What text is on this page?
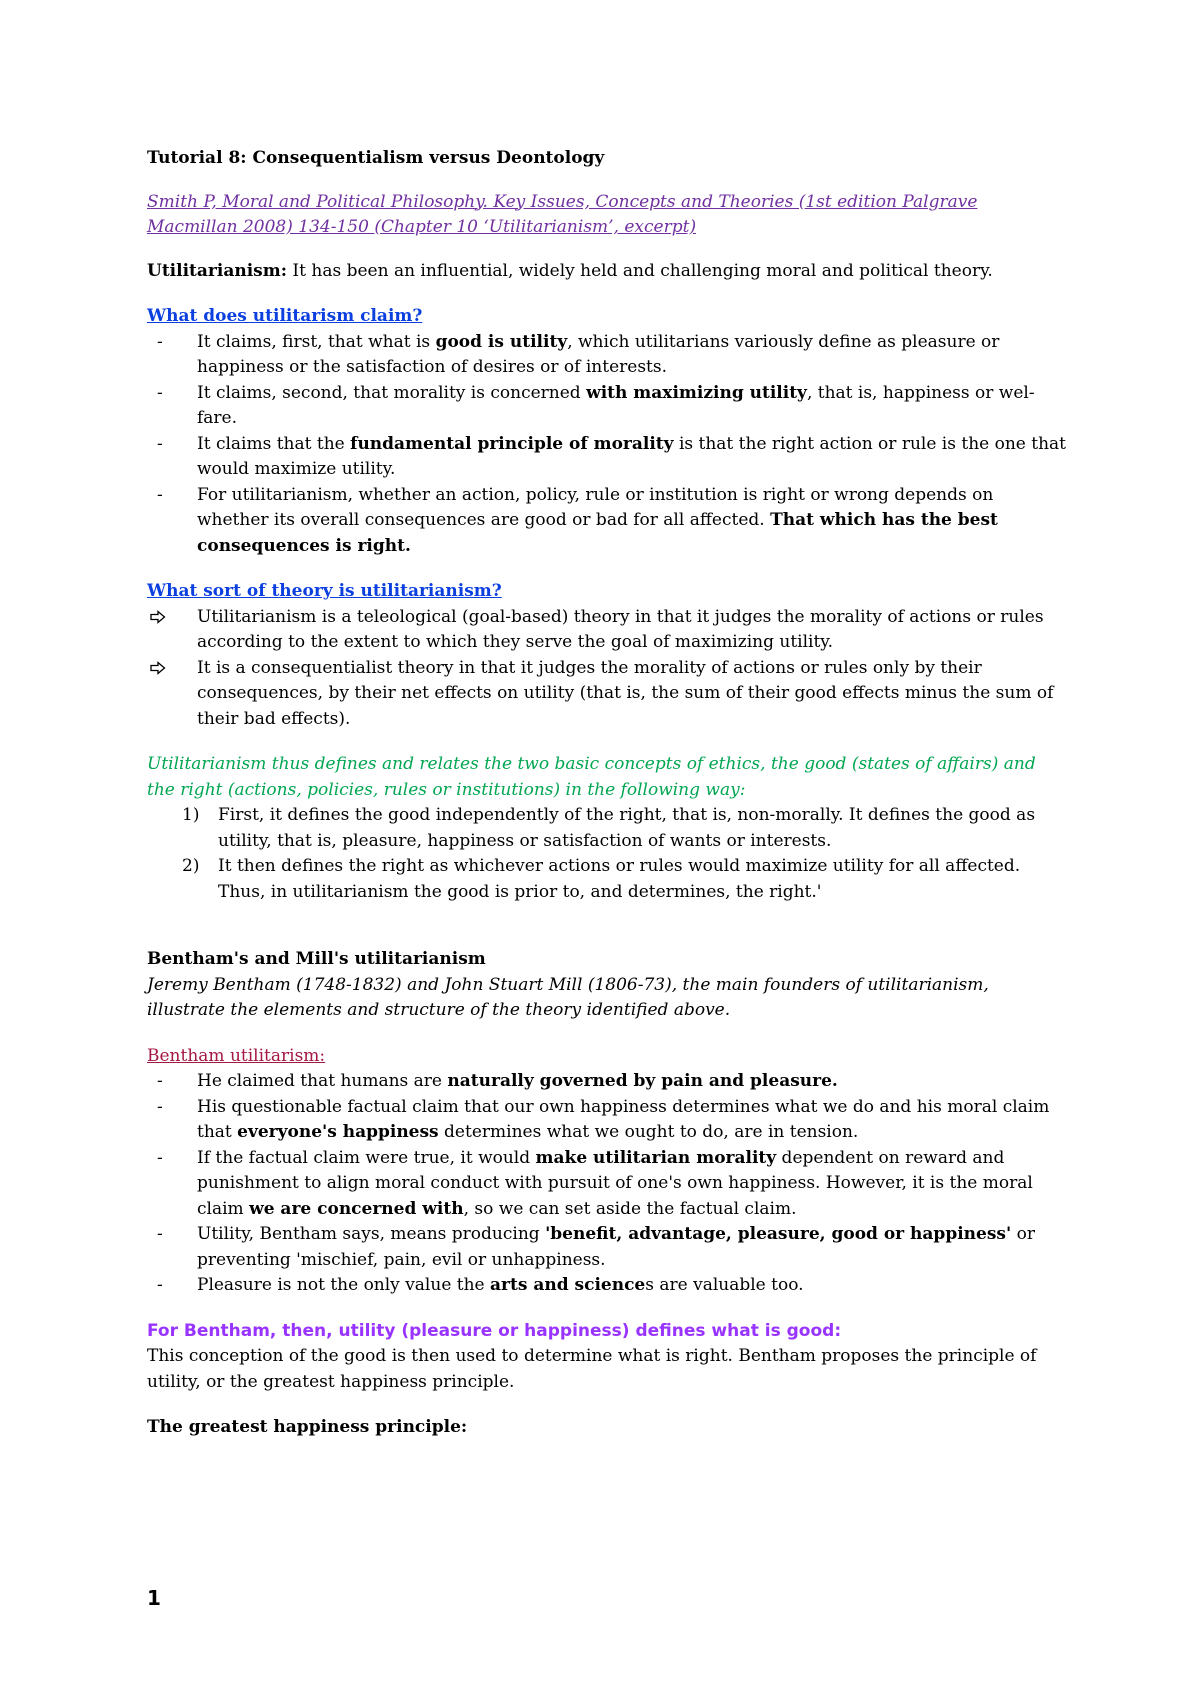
Tutorial 8: Consequentialism versus Deontology

Smith P, Moral and Political Philosophy. Key Issues, Concepts and Theories (1st edition Palgrave Macmillan 2008) 134-150 (Chapter 10 ‘Utilitarianism’, excerpt)

Utilitarianism: It has been an influential, widely held and challenging moral and political theory.

What does utilitarism claim?

- It claims, first, that what is good is utility, which utilitarians variously define as pleasure or happiness or the satisfaction of desires or of interests.
- It claims, second, that morality is concerned with maximizing utility, that is, happiness or wel-fare.
- It claims that the fundamental principle of morality is that the right action or rule is the one that would maximize utility.
- For utilitarianism, whether an action, policy, rule or institution is right or wrong depends on whether its overall consequences are good or bad for all affected. That which has the best consequences is right.

What sort of theory is utilitarianism?

Utilitarianism is a teleological (goal-based) theory in that it judges the morality of actions or rules according to the extent to which they serve the goal of maximizing utility.
It is a consequentialist theory in that it judges the morality of actions or rules only by their consequences, by their net effects on utility (that is, the sum of their good effects minus the sum of their bad effects).

Utilitarianism thus defines and relates the two basic concepts of ethics, the good (states of affairs) and the right (actions, policies, rules or institutions) in the following way:

1) First, it defines the good independently of the right, that is, non-morally. It defines the good as utility, that is, pleasure, happiness or satisfaction of wants or interests.
2) It then defines the right as whichever actions or rules would maximize utility for all affected. Thus, in utilitarianism the good is prior to, and determines, the right.'

Bentham's and Mill's utilitarianism

Jeremy Bentham (1748-1832) and John Stuart Mill (1806-73), the main founders of utilitarianism, illustrate the elements and structure of the theory identified above.

Bentham utilitarism:

- He claimed that humans are naturally governed by pain and pleasure.
- His questionable factual claim that our own happiness determines what we do and his moral claim that everyone's happiness determines what we ought to do, are in tension.
- If the factual claim were true, it would make utilitarian morality dependent on reward and punishment to align moral conduct with pursuit of one's own happiness. However, it is the moral claim we are concerned with, so we can set aside the factual claim.
- Utility, Bentham says, means producing 'benefit, advantage, pleasure, good or happiness' or preventing 'mischief, pain, evil or unhappiness.
- Pleasure is not the only value the arts and sciences are valuable too.

For Bentham, then, utility (pleasure or happiness) defines what is good:

This conception of the good is then used to determine what is right. Bentham proposes the principle of utility, or the greatest happiness principle.

The greatest happiness principle:

1
